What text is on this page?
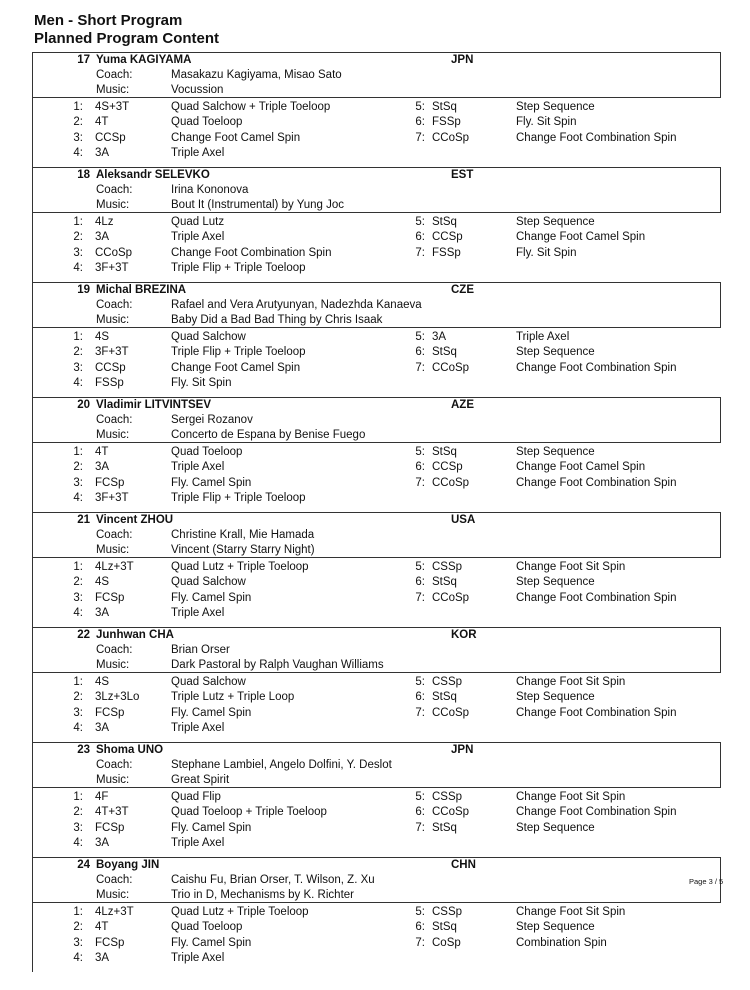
Men - Short Program
Planned Program Content
17 Yuma KAGIYAMA	JPN
Coach:	Masakazu Kagiyama, Misao Sato
Music:	Vocussion
1: 4S+3T	Quad Salchow + Triple Toeloop
2: 4T	Quad Toeloop
3: CCSp	Change Foot Camel Spin
4: 3A	Triple Axel
5: StSq	Step Sequence
6: FSSp	Fly. Sit Spin
7: CCoSp	Change Foot Combination Spin
18 Aleksandr SELEVKO	EST
Coach:	Irina Kononova
Music:	Bout It (Instrumental) by Yung Joc
1: 4Lz	Quad Lutz
2: 3A	Triple Axel
3: CCoSp	Change Foot Combination Spin
4: 3F+3T	Triple Flip + Triple Toeloop
5: StSq	Step Sequence
6: CCSp	Change Foot Camel Spin
7: FSSp	Fly. Sit Spin
19 Michal BREZINA	CZE
Coach:	Rafael and Vera Arutyunyan, Nadezhda Kanaeva
Music:	Baby Did a Bad Bad Thing by Chris Isaak
1: 4S	Quad Salchow
2: 3F+3T	Triple Flip + Triple Toeloop
3: CCSp	Change Foot Camel Spin
4: FSSp	Fly. Sit Spin
5: 3A	Triple Axel
6: StSq	Step Sequence
7: CCoSp	Change Foot Combination Spin
20 Vladimir LITVINTSEV	AZE
Coach:	Sergei Rozanov
Music:	Concerto de Espana by Benise Fuego
1: 4T	Quad Toeloop
2: 3A	Triple Axel
3: FCSp	Fly. Camel Spin
4: 3F+3T	Triple Flip + Triple Toeloop
5: StSq	Step Sequence
6: CCSp	Change Foot Camel Spin
7: CCoSp	Change Foot Combination Spin
21 Vincent ZHOU	USA
Coach:	Christine Krall, Mie Hamada
Music:	Vincent (Starry Starry Night)
1: 4Lz+3T	Quad Lutz + Triple Toeloop
2: 4S	Quad Salchow
3: FCSp	Fly. Camel Spin
4: 3A	Triple Axel
5: CSSp	Change Foot Sit Spin
6: StSq	Step Sequence
7: CCoSp	Change Foot Combination Spin
22 Junhwan CHA	KOR
Coach:	Brian Orser
Music:	Dark Pastoral by Ralph Vaughan Williams
1: 4S	Quad Salchow
2: 3Lz+3Lo	Triple Lutz + Triple Loop
3: FCSp	Fly. Camel Spin
4: 3A	Triple Axel
5: CSSp	Change Foot Sit Spin
6: StSq	Step Sequence
7: CCoSp	Change Foot Combination Spin
23 Shoma UNO	JPN
Coach:	Stephane Lambiel, Angelo Dolfini, Y. Deslot
Music:	Great Spirit
1: 4F	Quad Flip
2: 4T+3T	Quad Toeloop + Triple Toeloop
3: FCSp	Fly. Camel Spin
4: 3A	Triple Axel
5: CSSp	Change Foot Sit Spin
6: CCoSp	Change Foot Combination Spin
7: StSq	Step Sequence
24 Boyang JIN	CHN
Coach:	Caishu Fu, Brian Orser, T. Wilson, Z. Xu
Music:	Trio in D, Mechanisms by K. Richter
1: 4Lz+3T	Quad Lutz + Triple Toeloop
2: 4T	Quad Toeloop
3: FCSp	Fly. Camel Spin
4: 3A	Triple Axel
5: CSSp	Change Foot Sit Spin
6: StSq	Step Sequence
7: CoSp	Combination Spin
Page 3 / 5
